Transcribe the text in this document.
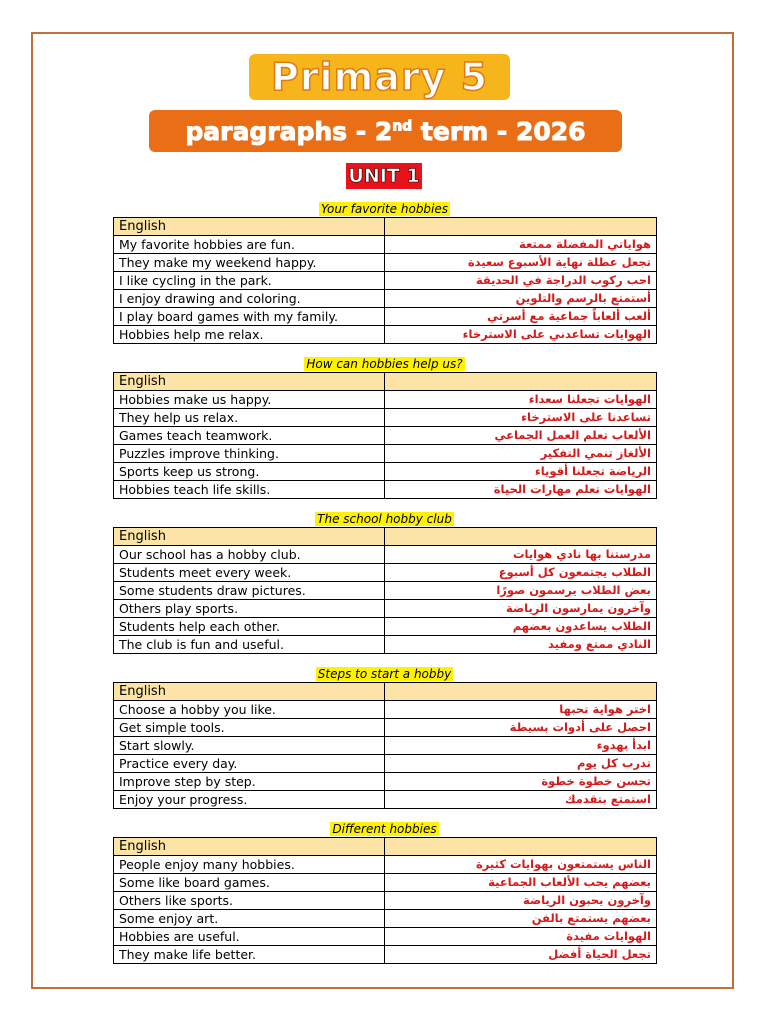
Primary 5
paragraphs - 2nd term - 2026
UNIT 1
Your favorite hobbies
English	
My favorite hobbies are fun.	هواياتي المفضلة ممتعة
They make my weekend happy.	تجعل عطلة نهاية الأسبوع سعيدة
I like cycling in the park.	احب ركوب الدراجة في الحديقة
I enjoy drawing and coloring.	أستمتع بالرسم والتلوين
I play board games with my family.	ألعب ألعاباً جماعية مع أسرتي
Hobbies help me relax.	الهوايات تساعدني على الاسترخاء
How can hobbies help us?
English	
Hobbies make us happy.	الهوايات تجعلنا سعداء
They help us relax.	تساعدنا على الاسترخاء
Games teach teamwork.	الألعاب تعلم العمل الجماعي
Puzzles improve thinking.	الألغاز تنمي التفكير
Sports keep us strong.	الرياضة تجعلنا أقوياء
Hobbies teach life skills.	الهوايات تعلم مهارات الحياة
The school hobby club
English	
Our school has a hobby club.	مدرستنا بها نادي هوايات
Students meet every week.	الطلاب يجتمعون كل أسبوع
Some students draw pictures.	بعض الطلاب يرسمون صورًا
Others play sports.	وآخرون يمارسون الرياضة
Students help each other.	الطلاب يساعدون بعضهم
The club is fun and useful.	النادي ممتع ومفيد
Steps to start a hobby
English	
Choose a hobby you like.	اختر هواية تحبها
Get simple tools.	احصل على أدوات بسيطة
Start slowly.	ابدأ بهدوء
Practice every day.	تدرب كل يوم
Improve step by step.	تحسن خطوة خطوة
Enjoy your progress.	استمتع بتقدمك
Different hobbies
English	
People enjoy many hobbies.	الناس يستمتعون بهوايات كثيرة
Some like board games.	بعضهم يحب الألعاب الجماعية
Others like sports.	وآخرون يحبون الرياضة
Some enjoy art.	بعضهم يستمتع بالفن
Hobbies are useful.	الهوايات مفيدة
They make life better.	تجعل الحياة أفضل
